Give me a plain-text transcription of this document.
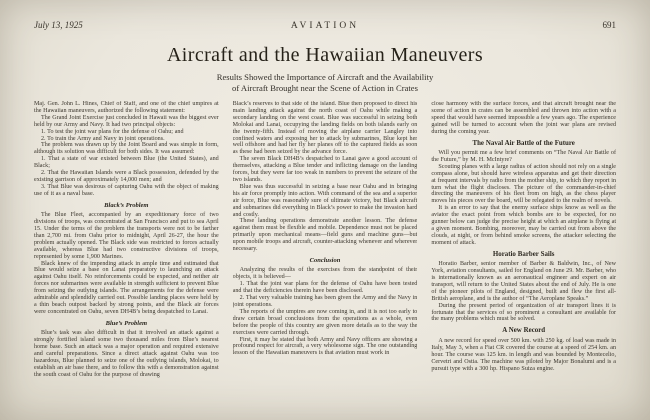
July 13, 1925	AVIATION	691
Aircraft and the Hawaiian Maneuvers
Results Showed the Importance of Aircraft and the Availability
of Aircraft Brought near the Scene of Action in Crates

Maj. Gen. John L. Hines, Chief of Staff, and one of the chief umpires at the Hawaiian maneuvers, authorized the following statement:

The Grand Joint Exercise just concluded in Hawaii was the biggest ever held by our Army and Navy. It had two principal objects:

1. To test the joint war plans for the defense of Oahu; and

2. To train the Army and Navy in joint operations.

The problem was drawn up by the Joint Board and was simple in form, although its solution was difficult for both sides. It was assumed:

1. That a state of war existed between Blue (the United States), and Black;

2. That the Hawaiian Islands were a Black possession, defended by the existing garrison of approximately 14,000 men; and

3. That Blue was desirous of capturing Oahu with the object of making use of it as a naval base.

Black’s Problem

The Blue Fleet, accompanied by an expeditionary force of two divisions of troops, was concentrated at San Francisco and put to sea April 15. Under the terms of the problem the transports were not to be farther than 2,700 mi. from Oahu prior to midnight, April 26-27, the hour the problem actually opened. The Black side was restricted to forces actually available, whereas Blue had two constructive divisions of troops, represented by some 1,900 Marines.

Black knew of the impending attack in ample time and estimated that Blue would seize a base on Lanai preparatory to launching an attack against Oahu itself. No reinforcements could be expected, and neither air forces nor submarines were available in strength sufficient to prevent Blue from seizing the outlying islands. The arrangements for the defense were admirable and splendidly carried out. Possible landing places were held by a thin beach outpost backed by strong points, and the Black air forces were concentrated on Oahu, seven DH4B’s being despatched to Lanai.

Blue’s Problem

Blue’s task was also difficult in that it involved an attack against a strongly fortified island some two thousand miles from Blue’s nearest home base. Such an attack was a major operation and required extensive and careful preparations. Since a direct attack against Oahu was too hazardous, Blue planned to seize one of the outlying islands, Molokai, to establish an air base there, and to follow this with a demonstration against the south coast of Oahu for the purpose of drawing

Black’s reserves to that side of the island. Blue then proposed to direct his main landing attack against the north coast of Oahu while making a secondary landing on the west coast. Blue was successful in seizing both Molokai and Lanai, occupying the landing fields on both islands early on the twenty-fifth. Instead of moving the airplane carrier Langley into confined waters and exposing her to attack by submarines, Blue kept her well offshore and had her fly her planes off to the captured fields as soon as these had been seized by the advance force.

The seven Black DH4B’s despatched to Lanai gave a good account of themselves, attacking a Blue tender and inflicting damage on the landing forces, but they were far too weak in numbers to prevent the seizure of the two islands.

Blue was thus successful in seizing a base near Oahu and in bringing his air force promptly into action. With command of the sea and a superior air force, Blue was reasonably sure of ultimate victory, but Black aircraft and submarines did everything in Black’s power to make the invasion hard and costly.

These landing operations demonstrate another lesson. The defense against them must be flexible and mobile. Dependence must not be placed primarily upon mechanical means—field guns and machine guns—but upon mobile troops and aircraft, counter-attacking whenever and wherever necessary.

Conclusion

Analyzing the results of the exercises from the standpoint of their objects, it is believed—

1. That the joint war plans for the defense of Oahu have been tested and that the deficiencies therein have been disclosed.

2. That very valuable training has been given the Army and the Navy in joint operations.

The reports of the umpires are now coming in, and it is not too early to draw certain broad conclusions from the operations as a whole, even before the people of this country are given more details as to the way the exercises were carried through.

First, it may be stated that both Army and Navy officers are showing a profound respect for aircraft, a very wholesome sign. The one outstanding lesson of the Hawaiian maneuvers is that aviation must work in

close harmony with the surface forces, and that aircraft brought near the scene of action in crates can be assembled and thrown into action with a speed that would have seemed impossible a few years ago. The experience gained will be turned to account when the joint war plans are revised during the coming year.

The Naval Air Battle of the Future

Will you permit me a few brief comments on “The Naval Air Battle of the Future,” by M. H. McIntyre?

Scouting planes with a large radius of action should not rely on a single compass alone, but should have wireless apparatus and get their direction at frequent intervals by radio from the mother ship, to which they report in turn what the flight discloses. The picture of the commander-in-chief directing the maneuvers of his fleet from on high, as the chess player moves his pieces over the board, will be relegated to the realm of novels.

It is an error to say that the enemy surface ships know as well as the aviator the exact point from which bombs are to be expected, for no gunner below can judge the precise height at which an airplane is flying at a given moment. Bombing, moreover, may be carried out from above the clouds, at night, or from behind smoke screens, the attacker selecting the moment of attack.

Horatio Barber Sails

Horatio Barber, senior member of Barber & Baldwin, Inc., of New York, aviation consultants, sailed for England on June 29. Mr. Barber, who is internationally known as an aeronautical engineer and expert on air transport, will return to the United States about the end of July. He is one of the pioneer pilots of England, designed, built and flew the first all-British aeroplane, and is the author of “The Aeroplane Speaks.”

During the present period of organization of air transport lines it is fortunate that the services of so prominent a consultant are available for the many problems which must be solved.

A New Record

A new record for speed over 500 km. with 250 kg. of load was made in Italy, May 3, when a Fiat CR covered the course at a speed of 254 km. an hour. The course was 125 km. in length and was bounded by Montecelio, Cervetri and Ostia. The machine was piloted by Major Bonalumi and is a pursuit type with a 300 hp. Hispano Suiza engine.
